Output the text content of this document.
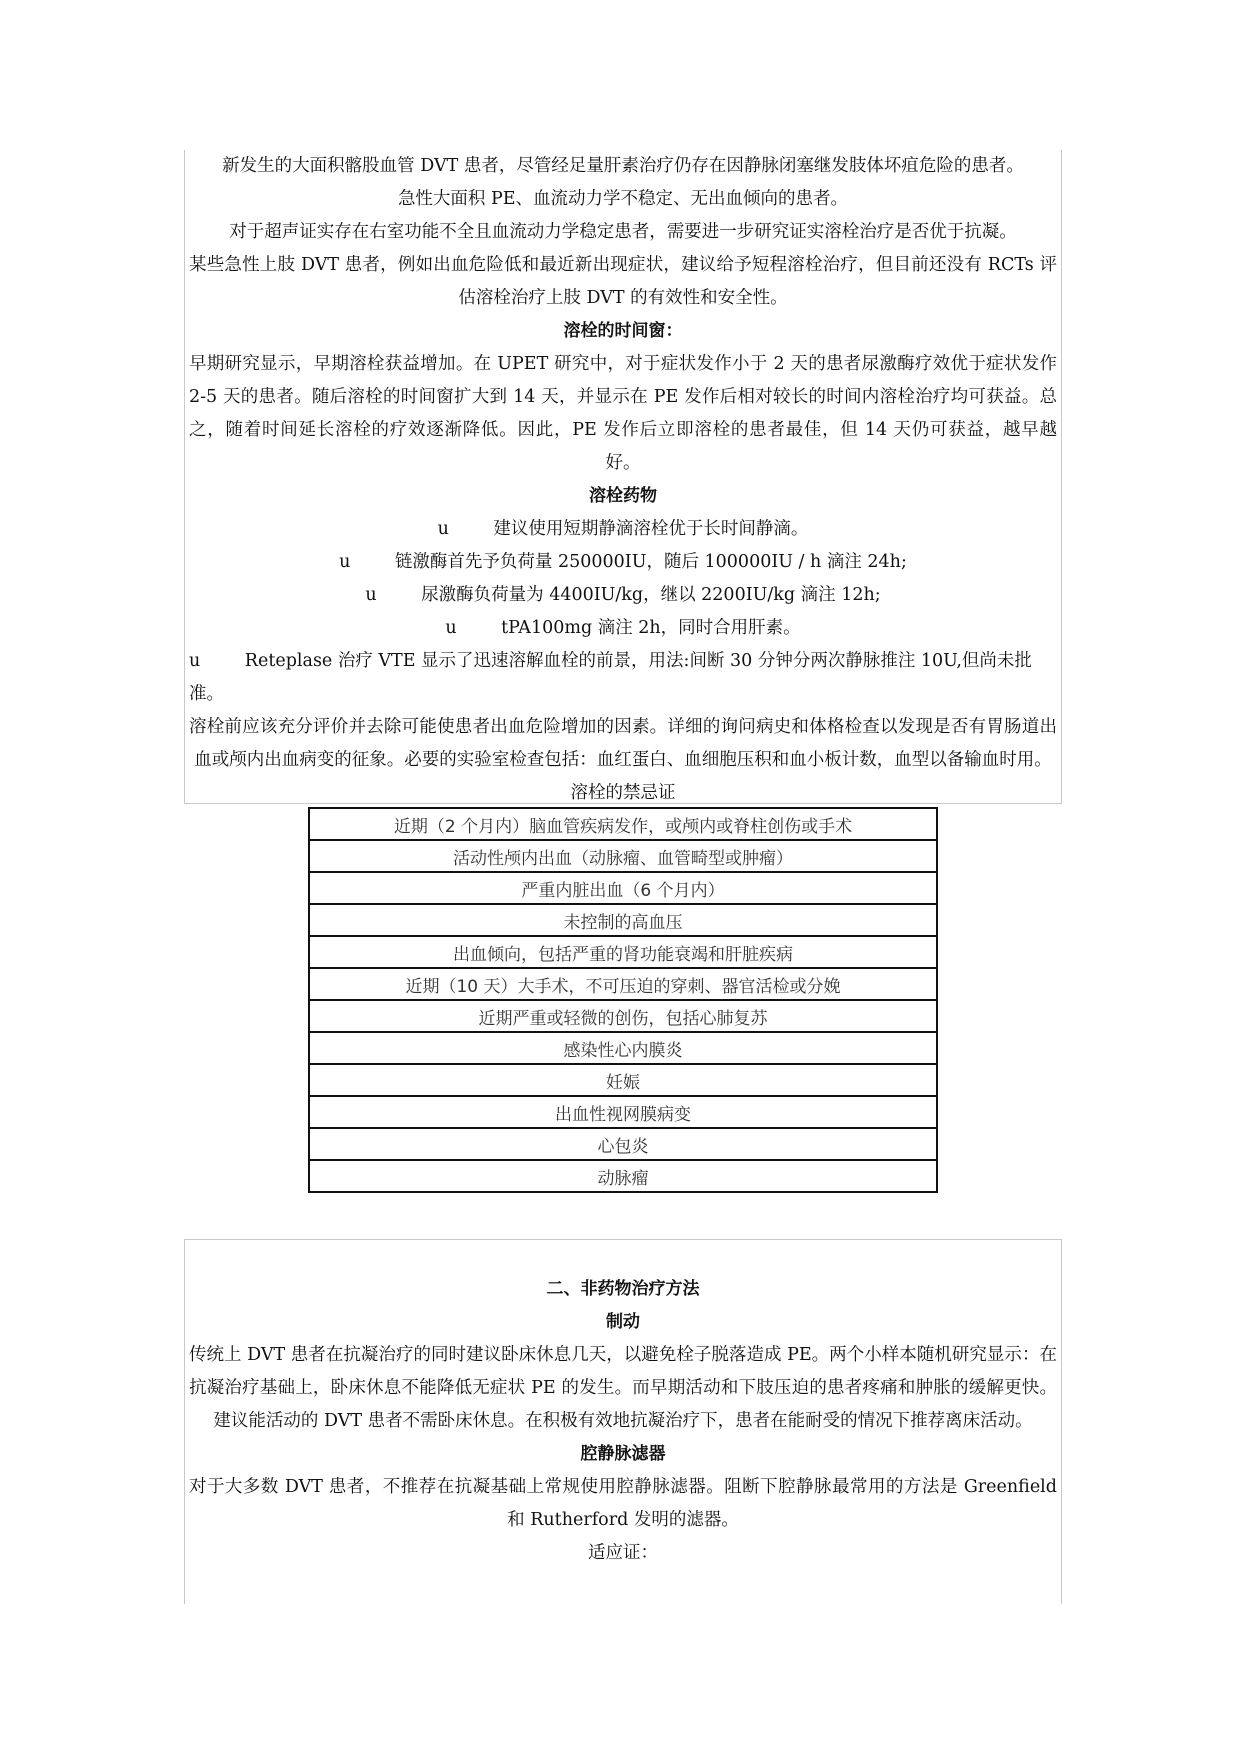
新发生的大面积髂股血管 DVT 患者，尽管经足量肝素治疗仍存在因静脉闭塞继发肢体坏疽危险的患者。

急性大面积 PE、血流动力学不稳定、无出血倾向的患者。

对于超声证实存在右室功能不全且血流动力学稳定患者，需要进一步研究证实溶栓治疗是否优于抗凝。

某些急性上肢 DVT 患者，例如出血危险低和最近新出现症状，建议给予短程溶栓治疗，但目前还没有 RCTs 评估溶栓治疗上肢 DVT 的有效性和安全性。

溶栓的时间窗：

早期研究显示，早期溶栓获益增加。在 UPET 研究中，对于症状发作小于 2 天的患者尿激酶疗效优于症状发作 2-5 天的患者。随后溶栓的时间窗扩大到 14 天，并显示在 PE 发作后相对较长的时间内溶栓治疗均可获益。总之，随着时间延长溶栓的疗效逐渐降低。因此，PE 发作后立即溶栓的患者最佳，但 14 天仍可获益，越早越好。

溶栓药物

u	建议使用短期静滴溶栓优于长时间静滴。

u	链激酶首先予负荷量 250000IU，随后 100000IU / h 滴注 24h;

u	尿激酶负荷量为 4400IU/kg，继以 2200IU/kg 滴注 12h;

u	tPA100mg 滴注 2h，同时合用肝素。

u	Reteplase 治疗 VTE 显示了迅速溶解血栓的前景，用法:间断 30 分钟分两次静脉推注 10U,但尚未批准。

溶栓前应该充分评价并去除可能使患者出血危险增加的因素。详细的询问病史和体格检查以发现是否有胃肠道出血或颅内出血病变的征象。必要的实验室检查包括：血红蛋白、血细胞压积和血小板计数，血型以备输血时用。

溶栓的禁忌证

近期（2 个月内）脑血管疾病发作，或颅内或脊柱创伤或手术
活动性颅内出血（动脉瘤、血管畸型或肿瘤）
严重内脏出血（6 个月内）
未控制的高血压
出血倾向，包括严重的肾功能衰竭和肝脏疾病
近期（10 天）大手术，不可压迫的穿刺、器官活检或分娩
近期严重或轻微的创伤，包括心肺复苏
感染性心内膜炎
妊娠
出血性视网膜病变
心包炎
动脉瘤

二、非药物治疗方法

制动

传统上 DVT 患者在抗凝治疗的同时建议卧床休息几天，以避免栓子脱落造成 PE。两个小样本随机研究显示：在抗凝治疗基础上，卧床休息不能降低无症状 PE 的发生。而早期活动和下肢压迫的患者疼痛和肿胀的缓解更快。建议能活动的 DVT 患者不需卧床休息。在积极有效地抗凝治疗下，患者在能耐受的情况下推荐离床活动。

腔静脉滤器

对于大多数 DVT 患者，不推荐在抗凝基础上常规使用腔静脉滤器。阻断下腔静脉最常用的方法是 Greenfield 和 Rutherford 发明的滤器。

适应证：
